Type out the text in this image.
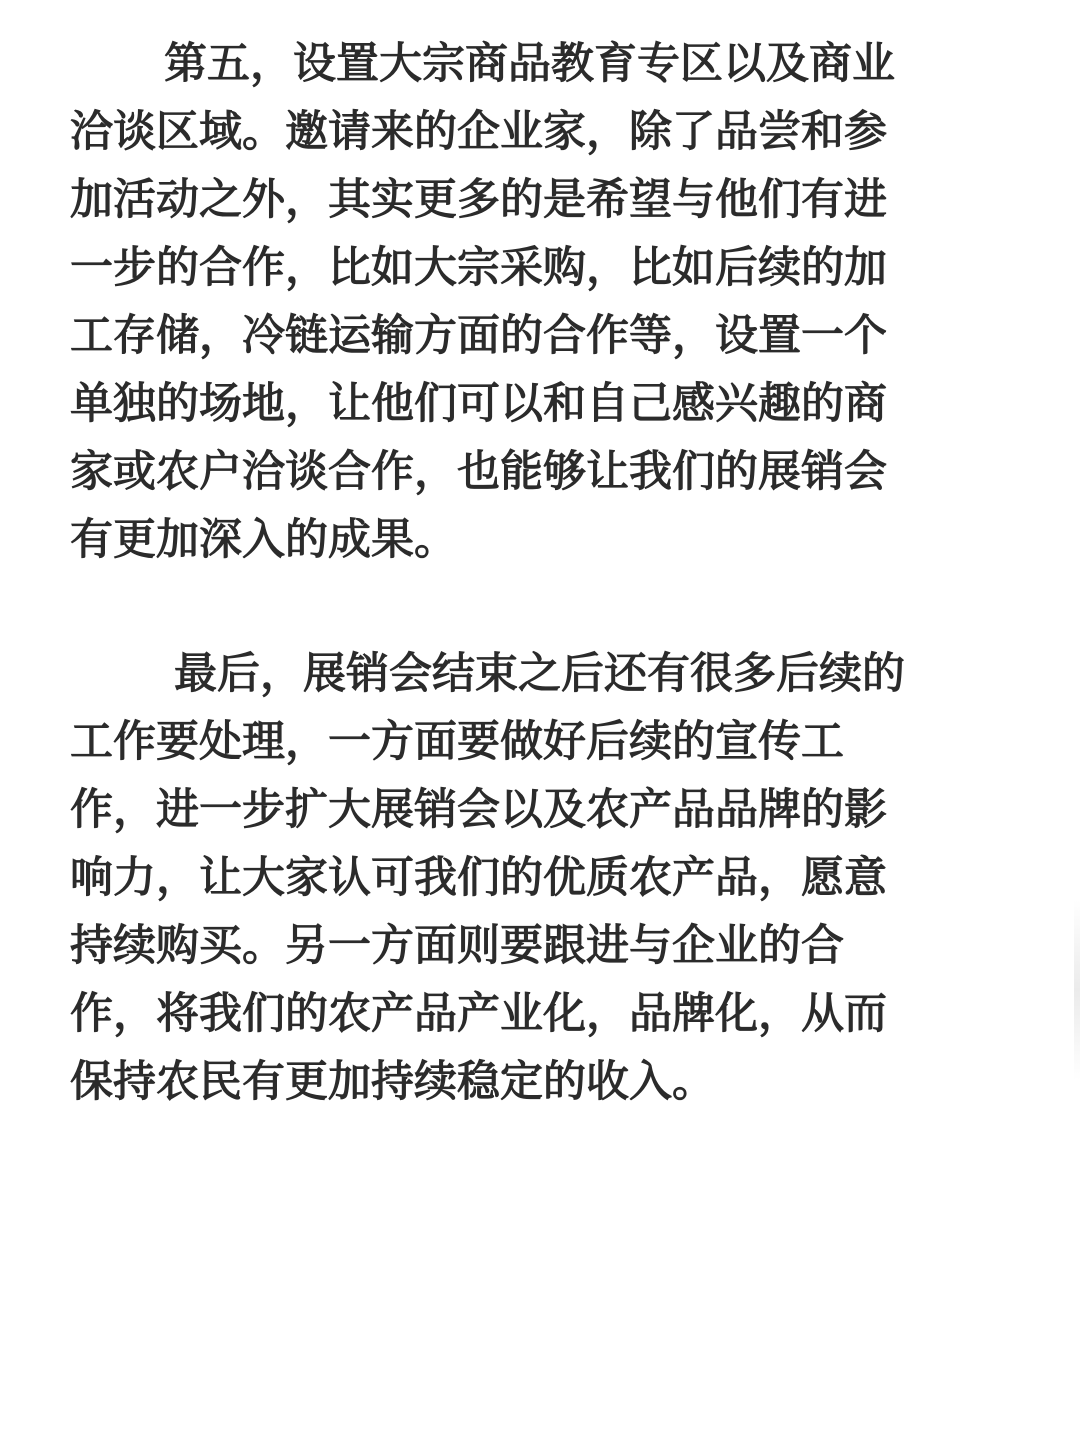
第五，设置大宗商品教育专区以及商业
洽谈区域。邀请来的企业家，除了品尝和参
加活动之外，其实更多的是希望与他们有进
一步的合作，比如大宗采购，比如后续的加
工存储，冷链运输方面的合作等，设置一个
单独的场地，让他们可以和自己感兴趣的商
家或农户洽谈合作，也能够让我们的展销会
有更加深入的成果。
最后，展销会结束之后还有很多后续的
工作要处理，一方面要做好后续的宣传工
作，进一步扩大展销会以及农产品品牌的影
响力，让大家认可我们的优质农产品，愿意
持续购买。另一方面则要跟进与企业的合
作，将我们的农产品产业化，品牌化，从而
保持农民有更加持续稳定的收入。
